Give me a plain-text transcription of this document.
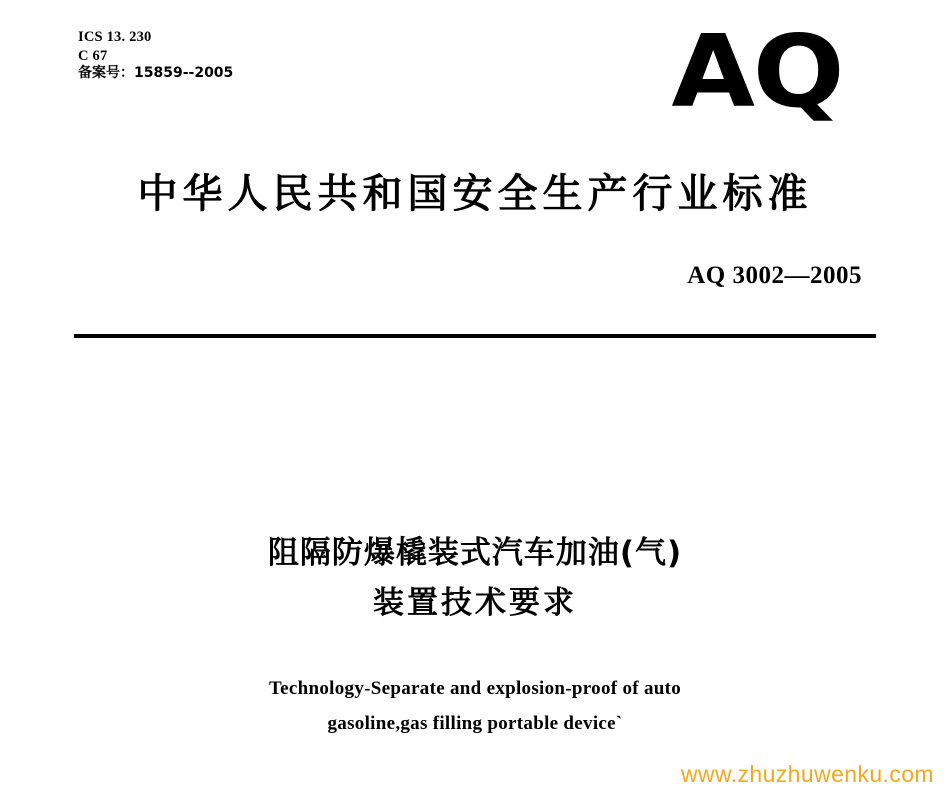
ICS 13. 230
C 67
备案号：15859--2005	AQ
中华人民共和国安全生产行业标准
AQ 3002—2005
阻隔防爆橇装式汽车加油(气)
装置技术要求
Technology-Separate and explosion-proof of auto
gasoline,gas filling portable device`
www.zhuzhuwenku.com
